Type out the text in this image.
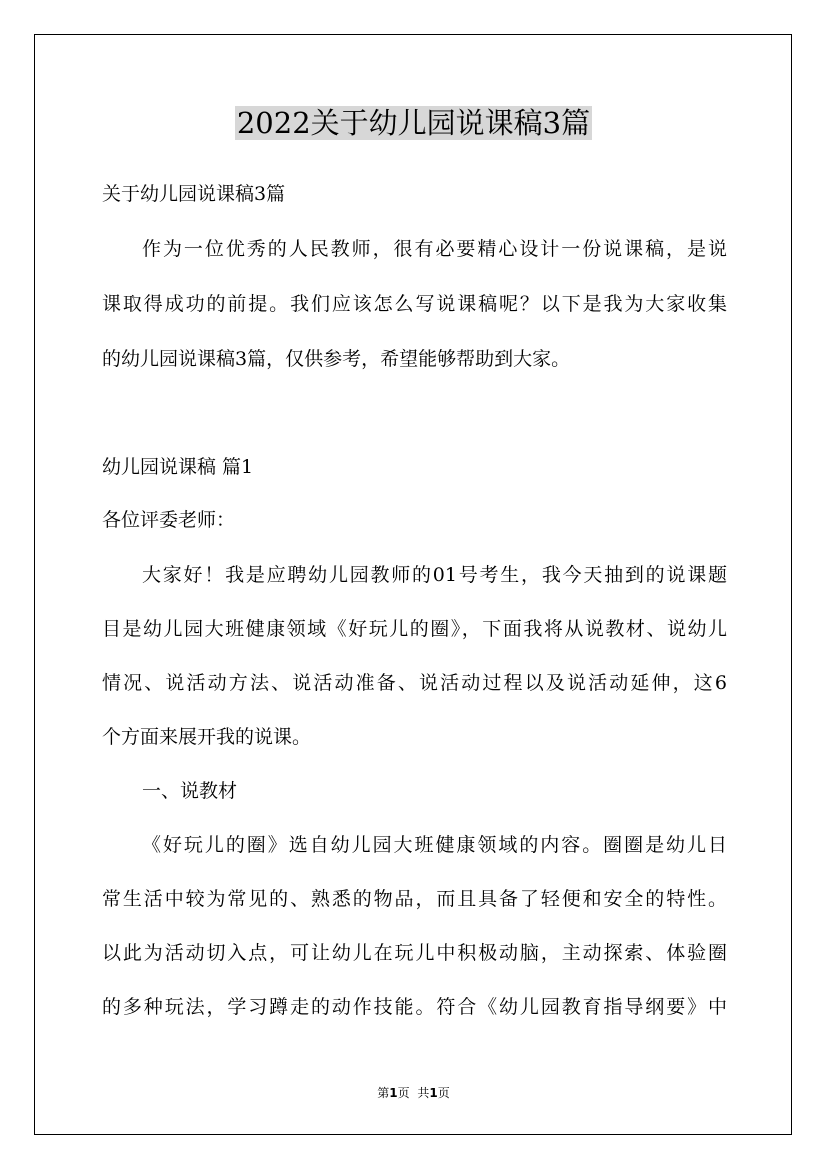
2022关于幼儿园说课稿3篇

关于幼儿园说课稿3篇

作为一位优秀的人民教师，很有必要精心设计一份说课稿，是说

课取得成功的前提。我们应该怎么写说课稿呢？以下是我为大家收集

的幼儿园说课稿3篇，仅供参考，希望能够帮助到大家。

幼儿园说课稿 篇1

各位评委老师：

大家好！我是应聘幼儿园教师的01号考生，我今天抽到的说课题

目是幼儿园大班健康领域《好玩儿的圈》，下面我将从说教材、说幼儿

情况、说活动方法、说活动准备、说活动过程以及说活动延伸，这6

个方面来展开我的说课。

一、说教材

《好玩儿的圈》选自幼儿园大班健康领域的内容。圈圈是幼儿日

常生活中较为常见的、熟悉的物品，而且具备了轻便和安全的特性。

以此为活动切入点，可让幼儿在玩儿中积极动脑，主动探索、体验圈

的多种玩法，学习蹲走的动作技能。符合《幼儿园教育指导纲要》中

第1页 共1页
